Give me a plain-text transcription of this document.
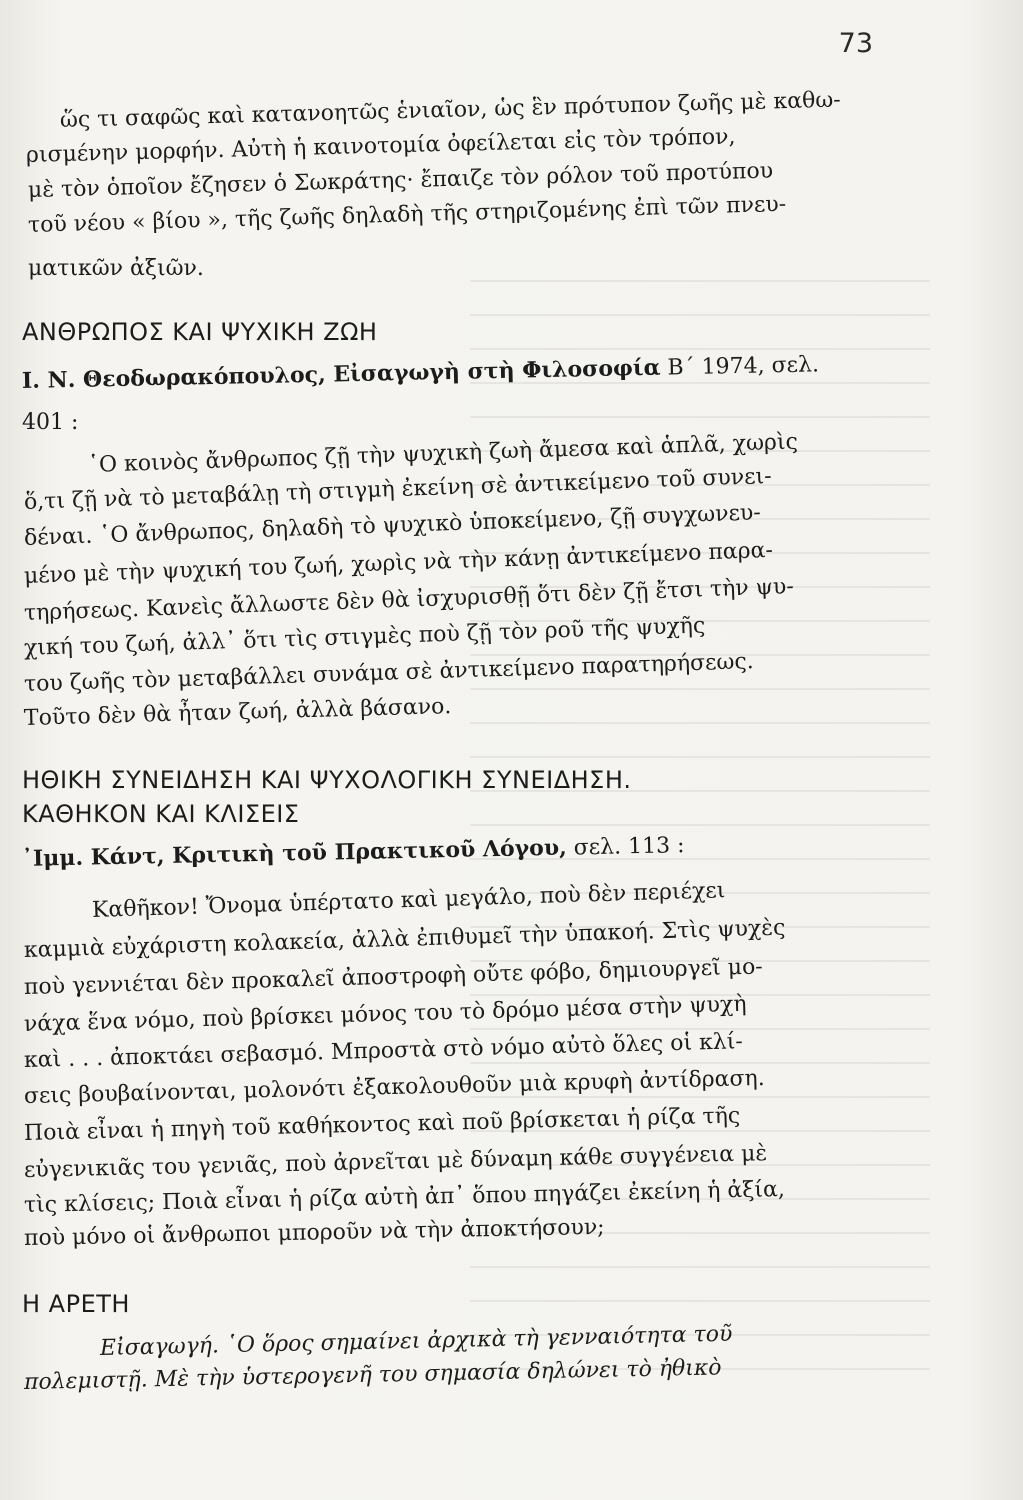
73
ὥς τι σαφῶς καὶ κατανοητῶς ἑνιαῖον, ὡς ἓν πρότυπον ζωῆς μὲ καθω-
ρισμένην μορφήν. Αὐτὴ ἡ καινοτομία ὀφείλεται εἰς τὸν τρόπον,
μὲ τὸν ὁποῖον ἔζησεν ὁ Σωκράτης· ἔπαιζε τὸν ρόλον τοῦ προτύπου
τοῦ νέου « βίου », τῆς ζωῆς δηλαδὴ τῆς στηριζομένης ἐπὶ τῶν πνευ-
ματικῶν ἀξιῶν.
ΑΝΘΡΩΠΟΣ ΚΑΙ ΨΥΧΙΚΗ ΖΩΗ
Ι. Ν. Θεοδωρακόπουλος, Εἰσαγωγὴ στὴ Φιλοσοφία Β΄ 1974, σελ.
401 :
῾Ο κοινὸς ἄνθρωπος ζῇ τὴν ψυχικὴ ζωὴ ἄμεσα καὶ ἁπλᾶ, χωρὶς
ὅ,τι ζῇ νὰ τὸ μεταβάλῃ τὴ στιγμὴ ἐκείνη σὲ ἀντικείμενο τοῦ συνει-
δέναι. ῾Ο ἄνθρωπος, δηλαδὴ τὸ ψυχικὸ ὑποκείμενο, ζῇ συγχωνευ-
μένο μὲ τὴν ψυχική του ζωή, χωρὶς νὰ τὴν κάνῃ ἀντικείμενο παρα-
τηρήσεως. Κανεὶς ἄλλωστε δὲν θὰ ἰσχυρισθῇ ὅτι δὲν ζῇ ἔτσι τὴν ψυ-
χική του ζωή, ἀλλ᾽ ὅτι τὶς στιγμὲς ποὺ ζῇ τὸν ροῦ τῆς ψυχῆς
του ζωῆς τὸν μεταβάλλει συνάμα σὲ ἀντικείμενο παρατηρήσεως.
Τοῦτο δὲν θὰ ἦταν ζωή, ἀλλὰ βάσανο.
ΗΘΙΚΗ ΣΥΝΕΙΔΗΣΗ ΚΑΙ ΨΥΧΟΛΟΓΙΚΗ ΣΥΝΕΙΔΗΣΗ.
ΚΑΘΗΚΟΝ ΚΑΙ ΚΛΙΣΕΙΣ
᾽Ιμμ. Κάντ, Κριτικὴ τοῦ Πρακτικοῦ Λόγου, σελ. 113 :
Καθῆκον! Ὄνομα ὑπέρτατο καὶ μεγάλο, ποὺ δὲν περιέχει
καμμιὰ εὐχάριστη κολακεία, ἀλλὰ ἐπιθυμεῖ τὴν ὑπακοή. Στὶς ψυχὲς
ποὺ γεννιέται δὲν προκαλεῖ ἀποστροφὴ οὔτε φόβο, δημιουργεῖ μο-
νάχα ἕνα νόμο, ποὺ βρίσκει μόνος του τὸ δρόμο μέσα στὴν ψυχὴ
καὶ . . . ἀποκτάει σεβασμό. Μπροστὰ στὸ νόμο αὐτὸ ὅλες οἱ κλί-
σεις βουβαίνονται, μολονότι ἐξακολουθοῦν μιὰ κρυφὴ ἀντίδραση.
Ποιὰ εἶναι ἡ πηγὴ τοῦ καθήκοντος καὶ ποῦ βρίσκεται ἡ ρίζα τῆς
εὐγενικιᾶς του γενιᾶς, ποὺ ἀρνεῖται μὲ δύναμη κάθε συγγένεια μὲ
τὶς κλίσεις; Ποιὰ εἶναι ἡ ρίζα αὐτὴ ἀπ᾽ ὅπου πηγάζει ἐκείνη ἡ ἀξία,
ποὺ μόνο οἱ ἄνθρωποι μποροῦν νὰ τὴν ἀποκτήσουν;
Η ΑΡΕΤΗ
Εἰσαγωγή. ῾Ο ὅρος σημαίνει ἀρχικὰ τὴ γενναιότητα τοῦ
πολεμιστῇ. Μὲ τὴν ὑστερογενῆ του σημασία δηλώνει τὸ ἠθικὸ
